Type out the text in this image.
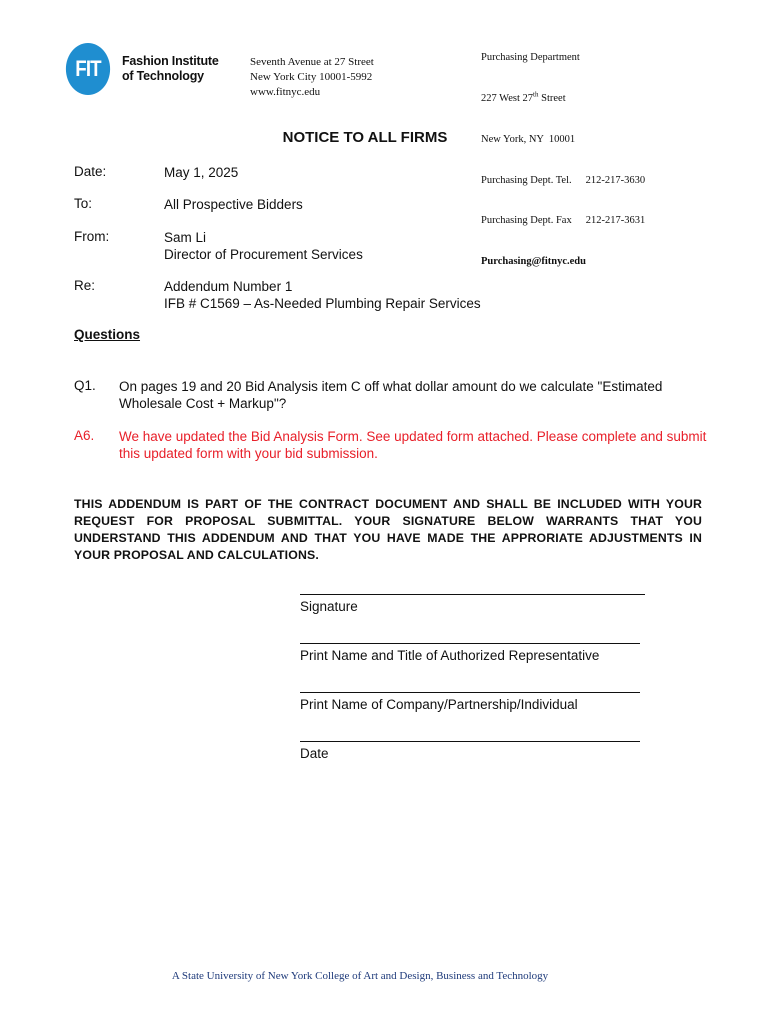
FIT	Fashion Institute
of Technology
Seventh Avenue at 27 Street
New York City 10001-5992
www.fitnyc.edu

Purchasing Department

227 West 27th Street

New York, NY  10001

Purchasing Dept. Tel. 212-217-3630

Purchasing Dept. Fax 212-217-3631

Purchasing@fitnyc.edu

NOTICE TO ALL FIRMS
Date:	May 1, 2025
To:	All Prospective Bidders
From:	Sam Li
Director of Procurement Services
Re:	Addendum Number 1
IFB # C1569 – As-Needed Plumbing Repair Services
Questions
Q1. On pages 19 and 20 Bid Analysis item C off what dollar amount do we calculate "Estimated Wholesale Cost + Markup"?
A6. We have updated the Bid Analysis Form. See updated form attached. Please complete and submit this updated form with your bid submission.
THIS ADDENDUM IS PART OF THE CONTRACT DOCUMENT AND SHALL BE INCLUDED WITH YOUR REQUEST FOR PROPOSAL SUBMITTAL. YOUR SIGNATURE BELOW WARRANTS THAT YOU UNDERSTAND THIS ADDENDUM AND THAT YOU HAVE MADE THE APPRORIATE ADJUSTMENTS IN YOUR PROPOSAL AND CALCULATIONS.
Signature
Print Name and Title of Authorized Representative
Print Name of Company/Partnership/Individual
Date
A State University of New York College of Art and Design, Business and Technology
